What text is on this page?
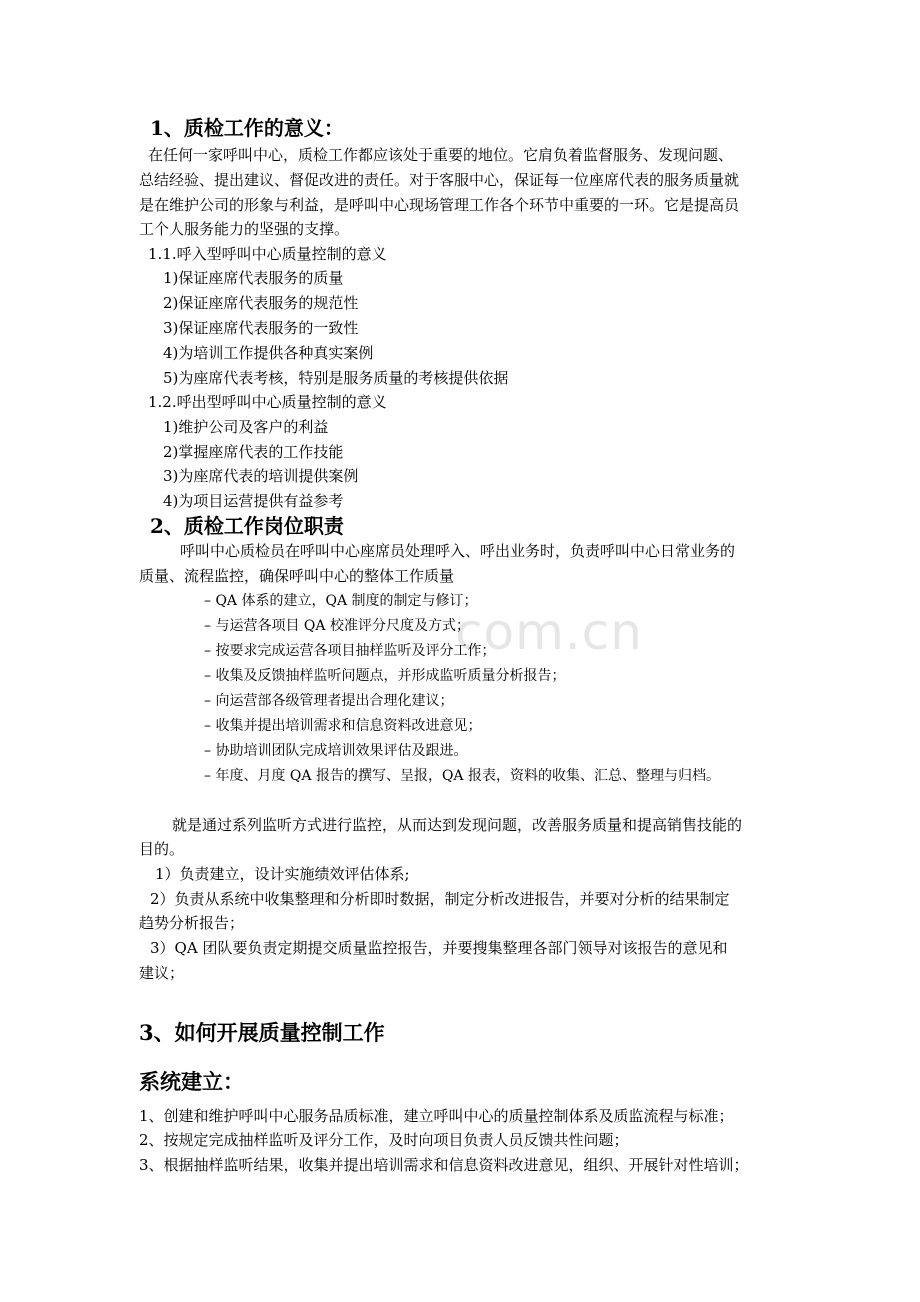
com.cn
1、质检工作的意义：
在任何一家呼叫中心，质检工作都应该处于重要的地位。它肩负着监督服务、发现问题、
总结经验、提出建议、督促改进的责任。对于客服中心，保证每一位座席代表的服务质量就
是在维护公司的形象与利益，是呼叫中心现场管理工作各个环节中重要的一环。它是提高员
工个人服务能力的坚强的支撑。
1.1.呼入型呼叫中心质量控制的意义
1)保证座席代表服务的质量
2)保证座席代表服务的规范性
3)保证座席代表服务的一致性
4)为培训工作提供各种真实案例
5)为座席代表考核，特别是服务质量的考核提供依据
1.2.呼出型呼叫中心质量控制的意义
1)维护公司及客户的利益
2)掌握座席代表的工作技能
3)为座席代表的培训提供案例
4)为项目运营提供有益参考
2、质检工作岗位职责
呼叫中心质检员在呼叫中心座席员处理呼入、呼出业务时，负责呼叫中心日常业务的
质量、流程监控，确保呼叫中心的整体工作质量
– QA 体系的建立，QA 制度的制定与修订；
– 与运营各项目 QA 校准评分尺度及方式；
– 按要求完成运营各项目抽样监听及评分工作；
– 收集及反馈抽样监听问题点，并形成监听质量分析报告；
– 向运营部各级管理者提出合理化建议；
– 收集并提出培训需求和信息资料改进意见；
– 协助培训团队完成培训效果评估及跟进。
– 年度、月度 QA 报告的撰写、呈报，QA 报表，资料的收集、汇总、整理与归档。
就是通过系列监听方式进行监控，从而达到发现问题，改善服务质量和提高销售技能的
目的。
1）负责建立，设计实施绩效评估体系;
2）负责从系统中收集整理和分析即时数据，制定分析改进报告，并要对分析的结果制定
趋势分析报告；
3）QA 团队要负责定期提交质量监控报告，并要搜集整理各部门领导对该报告的意见和
建议；
3、如何开展质量控制工作
系统建立：
1、创建和维护呼叫中心服务品质标准，建立呼叫中心的质量控制体系及质监流程与标准；
2、按规定完成抽样监听及评分工作，及时向项目负责人员反馈共性问题；
3、根据抽样监听结果，收集并提出培训需求和信息资料改进意见，组织、开展针对性培训；
